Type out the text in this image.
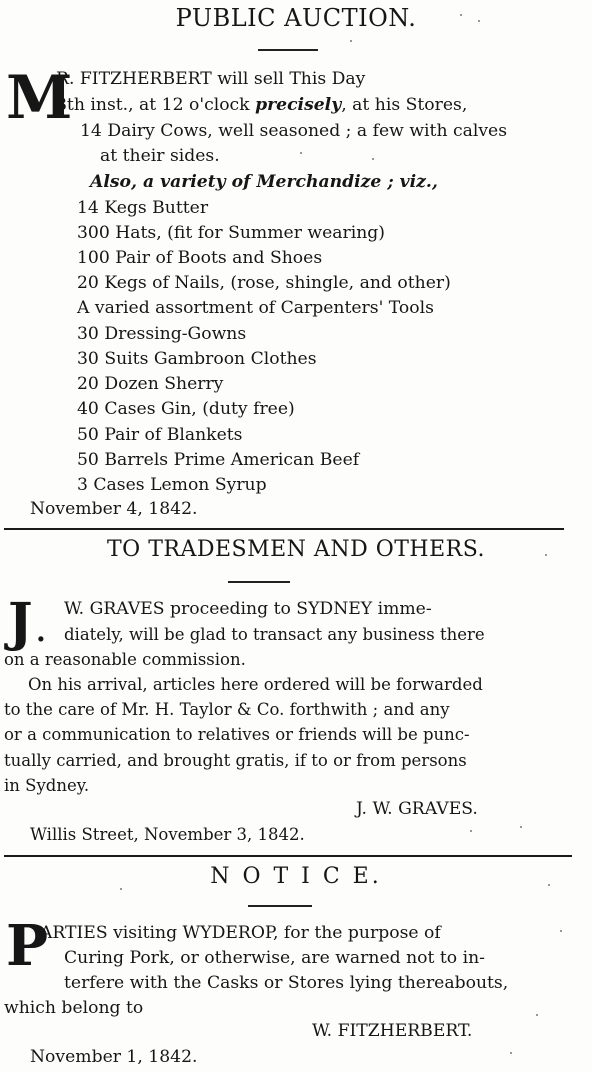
PUBLIC AUCTION.
M
R. FITZHERBERT will sell This Day
8th inst., at 12 o'clock precisely, at his Stores,
14 Dairy Cows, well seasoned ; a few with calves
at their sides.
Also, a variety of Merchandize ; viz.,
14 Kegs Butter
300 Hats, (fit for Summer wearing)
100 Pair of Boots and Shoes
20 Kegs of Nails, (rose, shingle, and other)
A varied assortment of Carpenters' Tools
30 Dressing-Gowns
30 Suits Gambroon Clothes
20 Dozen Sherry
40 Cases Gin, (duty free)
50 Pair of Blankets
50 Barrels Prime American Beef
3 Cases Lemon Syrup
November 4, 1842.
TO TRADESMEN AND OTHERS.
J .
W. GRAVES proceeding to SYDNEY imme-
diately, will be glad to transact any business there
on a reasonable commission.
On his arrival, articles here ordered will be forwarded
to the care of Mr. H. Taylor & Co. forthwith ; and any
or a communication to relatives or friends will be punc-
tually carried, and brought gratis, if to or from persons
in Sydney.
J. W. GRAVES.
Willis Street, November 3, 1842.
N O T I C E.
P
ARTIES visiting WYDEROP, for the purpose of
Curing Pork, or otherwise, are warned not to in-
terfere with the Casks or Stores lying thereabouts,
which belong to
W. FITZHERBERT.
November 1, 1842.
